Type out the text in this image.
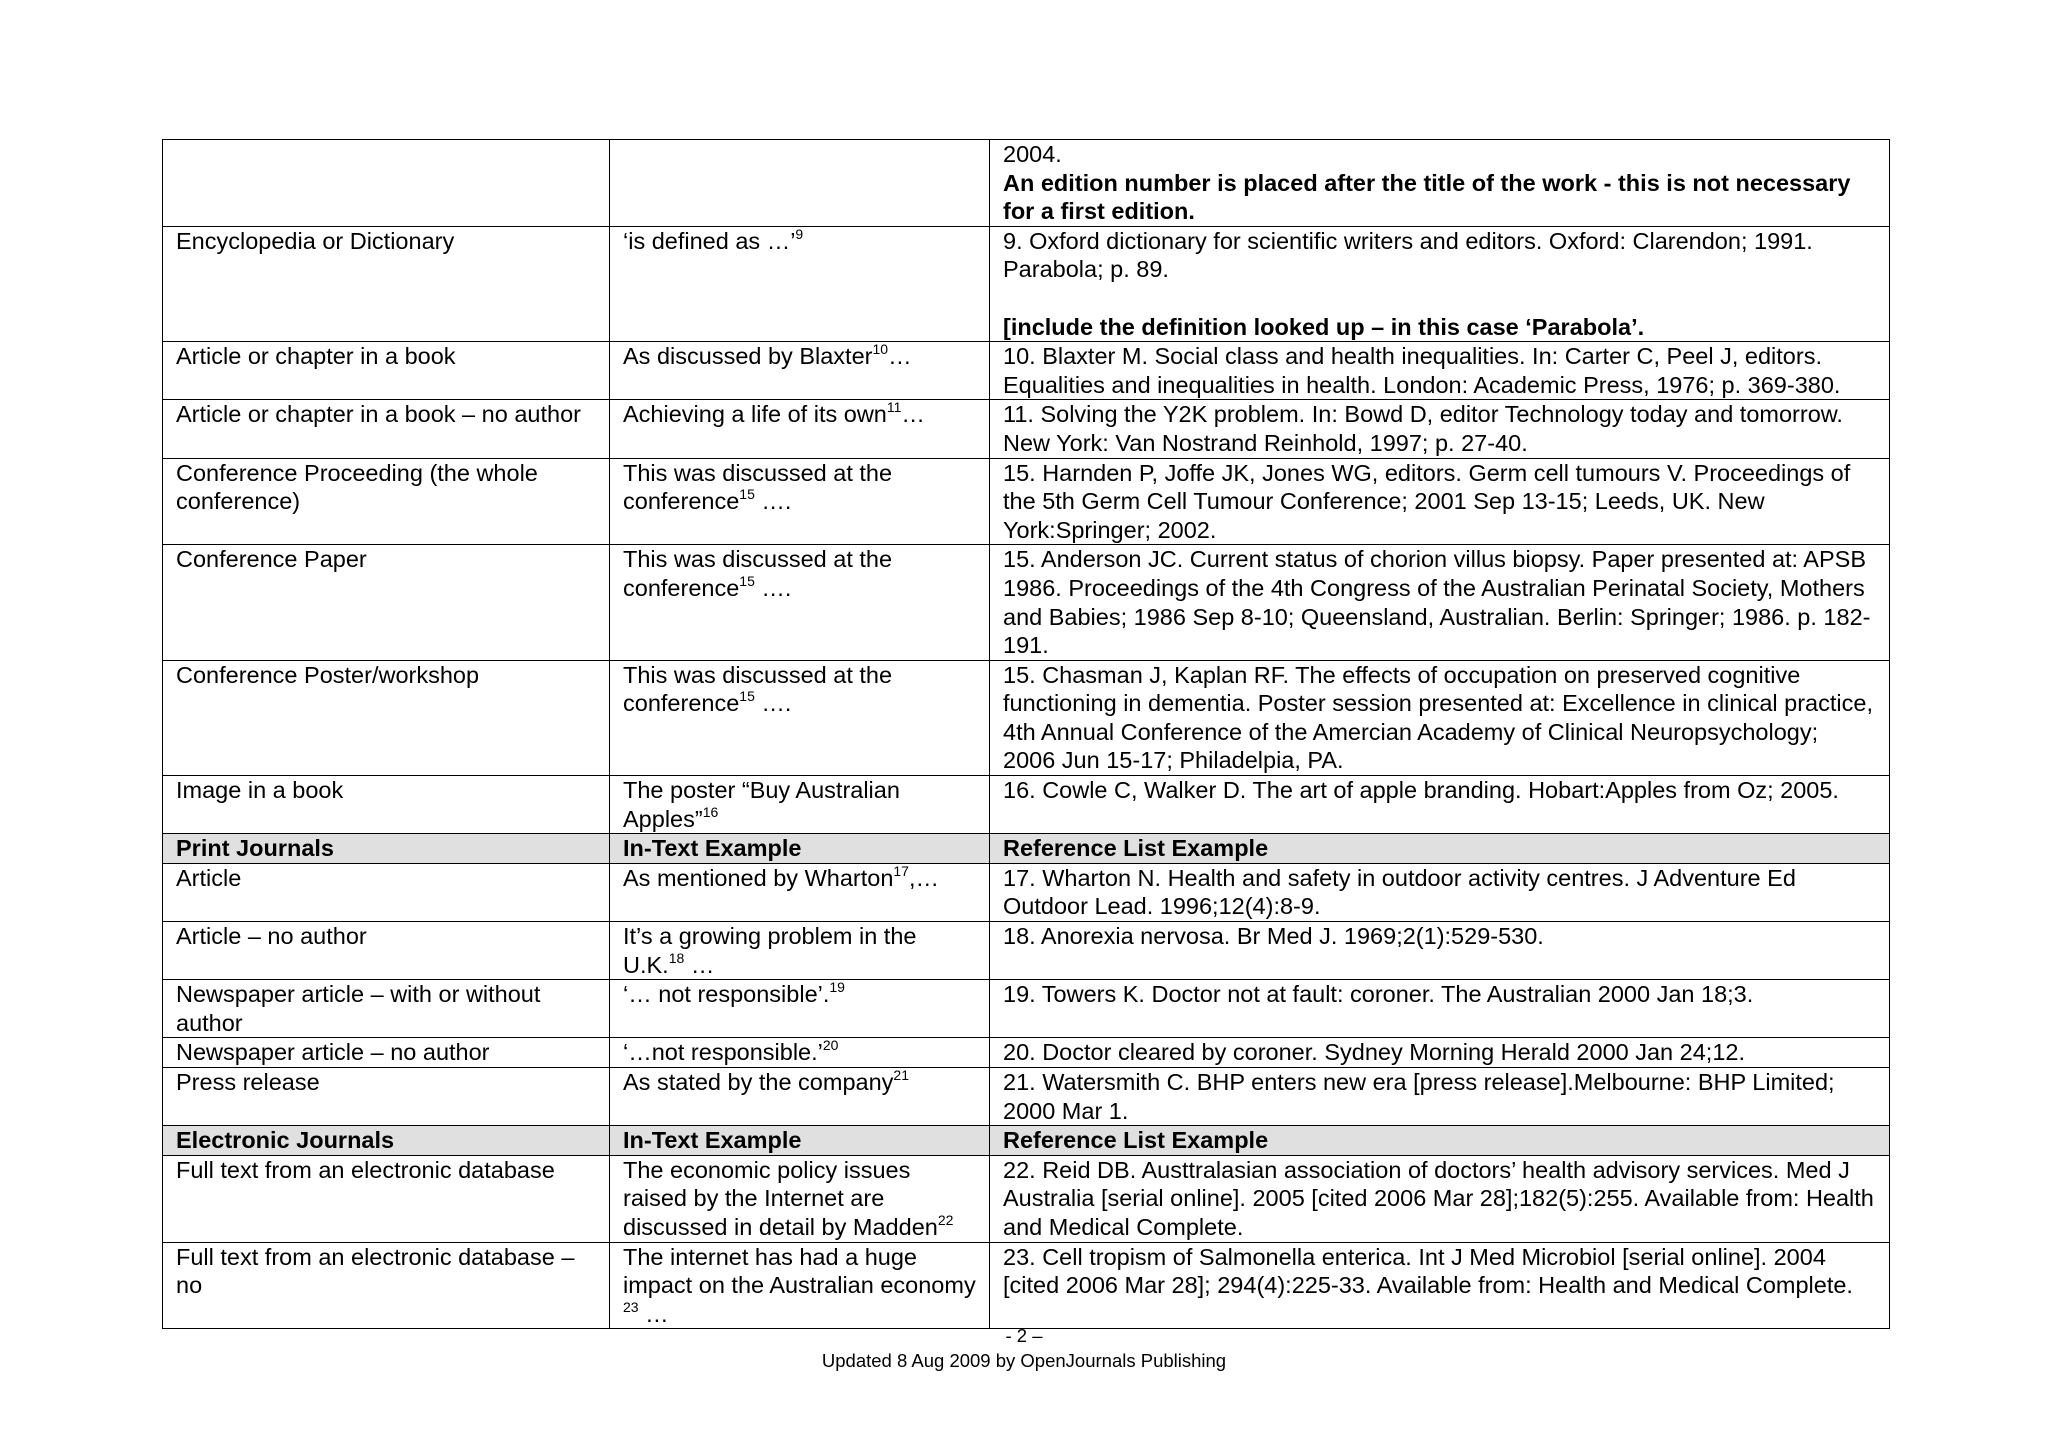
		2004.
An edition number is placed after the title of the work - this is not necessary for a first edition.

Encyclopedia or Dictionary	‘is defined as …’$^9$	9. Oxford dictionary for scientific writers and editors. Oxford: Clarendon; 1991. Parabola; p. 89.

[include the definition looked up – in this case ‘Parabola’.

Article or chapter in a book	As discussed by Blaxter$^{10}$…	10. Blaxter M. Social class and health inequalities. In: Carter C, Peel J, editors. Equalities and inequalities in health. London: Academic Press, 1976; p. 369-380.

Article or chapter in a book – no author	Achieving a life of its own$^{11}$…	11. Solving the Y2K problem. In: Bowd D, editor Technology today and tomorrow. New York: Van Nostrand Reinhold, 1997; p. 27-40.

Conference Proceeding (the whole conference)	This was discussed at the conference$^{15}$ ….	15. Harnden P, Joffe JK, Jones WG, editors. Germ cell tumours V. Proceedings of the 5th Germ Cell Tumour Conference; 2001 Sep 13-15; Leeds, UK. New York:Springer; 2002.

Conference Paper	This was discussed at the conference$^{15}$ ….	15. Anderson JC. Current status of chorion villus biopsy. Paper presented at: APSB 1986. Proceedings of the 4th Congress of the Australian Perinatal Society, Mothers and Babies; 1986 Sep 8-10; Queensland, Australian. Berlin: Springer; 1986. p. 182-191.

Conference Poster/workshop	This was discussed at the conference$^{15}$ ….	15. Chasman J, Kaplan RF. The effects of occupation on preserved cognitive functioning in dementia. Poster session presented at: Excellence in clinical practice, 4th Annual Conference of the Amercian Academy of Clinical Neuropsychology; 2006 Jun 15-17; Philadelpia, PA.

Image in a book	The poster “Buy Australian Apples”$^{16}$	16. Cowle C, Walker D. The art of apple branding. Hobart:Apples from Oz; 2005.

Print Journals	In-Text Example	Reference List Example
Article	As mentioned by Wharton$^{17}$,…	17. Wharton N. Health and safety in outdoor activity centres. J Adventure Ed Outdoor Lead. 1996;12(4):8-9.

Article – no author	It’s a growing problem in the U.K.$^{18}$ …	18. Anorexia nervosa. Br Med J. 1969;2(1):529-530.

Newspaper article – with or without author	‘… not responsible’.$^{19}$	19. Towers K. Doctor not at fault: coroner. The Australian 2000 Jan 18;3.

Newspaper article – no author	‘…not responsible.’$^{20}$	20. Doctor cleared by coroner. Sydney Morning Herald 2000 Jan 24;12.

Press release	As stated by the company$^{21}$	21. Watersmith C. BHP enters new era [press release].Melbourne: BHP Limited; 2000 Mar 1.

Electronic Journals	In-Text Example	Reference List Example
Full text from an electronic database	The economic policy issues raised by the Internet are discussed in detail by Madden$^{22}$	22. Reid DB. Austtralasian association of doctors’ health advisory services. Med J Australia [serial online]. 2005 [cited 2006 Mar 28];182(5):255. Available from: Health and Medical Complete.

Full text from an electronic database – no	The internet has had a huge impact on the Australian economy $^{23}$ …	23. Cell tropism of Salmonella enterica. Int J Med Microbiol [serial online]. 2004 [cited 2006 Mar 28]; 294(4):225-33. Available from: Health and Medical Complete.
- 2 –
Updated 8 Aug 2009 by OpenJournals Publishing
